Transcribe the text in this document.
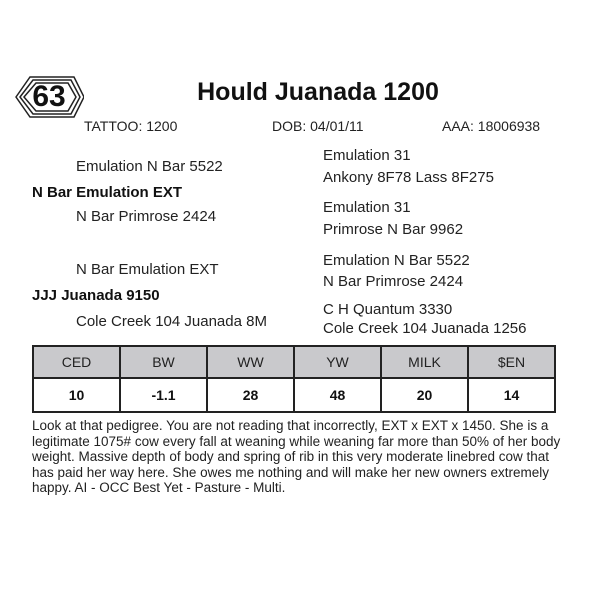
63	Hould Juanada 1200
TATTOO: 1200	DOB: 04/01/11	AAA: 18006938
Emulation N Bar 5522
N Bar Emulation EXT
N Bar Primrose 2424
Emulation 31
Ankony 8F78 Lass 8F275
Emulation 31
Primrose N Bar 9962
N Bar Emulation EXT
JJJ Juanada 9150
Cole Creek 104 Juanada 8M
Emulation N Bar 5522
N Bar Primrose 2424
C H Quantum 3330
Cole Creek 104 Juanada 1256
CED	BW	WW	YW	MILK	$EN
10	-1.1	28	48	20	14
Look at that pedigree. You are not reading that incorrectly, EXT x EXT x 1450. She is a legitimate 1075# cow every fall at weaning while weaning far more than 50% of her body weight. Massive depth of body and spring of rib in this very moderate linebred cow that has paid her way here. She owes me nothing and will make her new owners extremely happy. AI - OCC Best Yet - Pasture - Multi.
